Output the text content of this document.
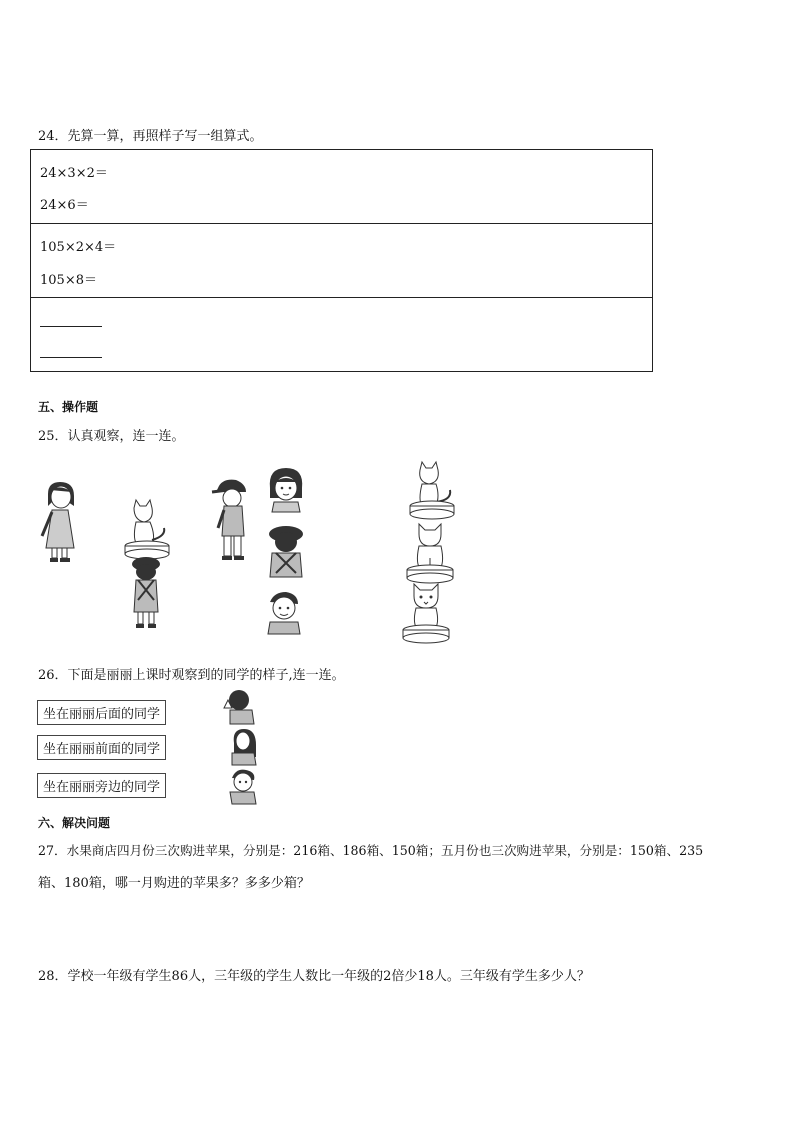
24．先算一算，再照样子写一组算式。
24×3×2＝
24×6＝
105×2×4＝
105×8＝
五、操作题
25．认真观察，连一连。
26．下面是丽丽上课时观察到的同学的样子,连一连。
坐在丽丽后面的同学
坐在丽丽前面的同学
坐在丽丽旁边的同学
六、解决问题
27．水果商店四月份三次购进苹果，分别是：216箱、186箱、150箱；五月份也三次购进苹果，分别是：150箱、235
箱、180箱，哪一月购进的苹果多？多多少箱？
28．学校一年级有学生86人，三年级的学生人数比一年级的2倍少18人。三年级有学生多少人？
